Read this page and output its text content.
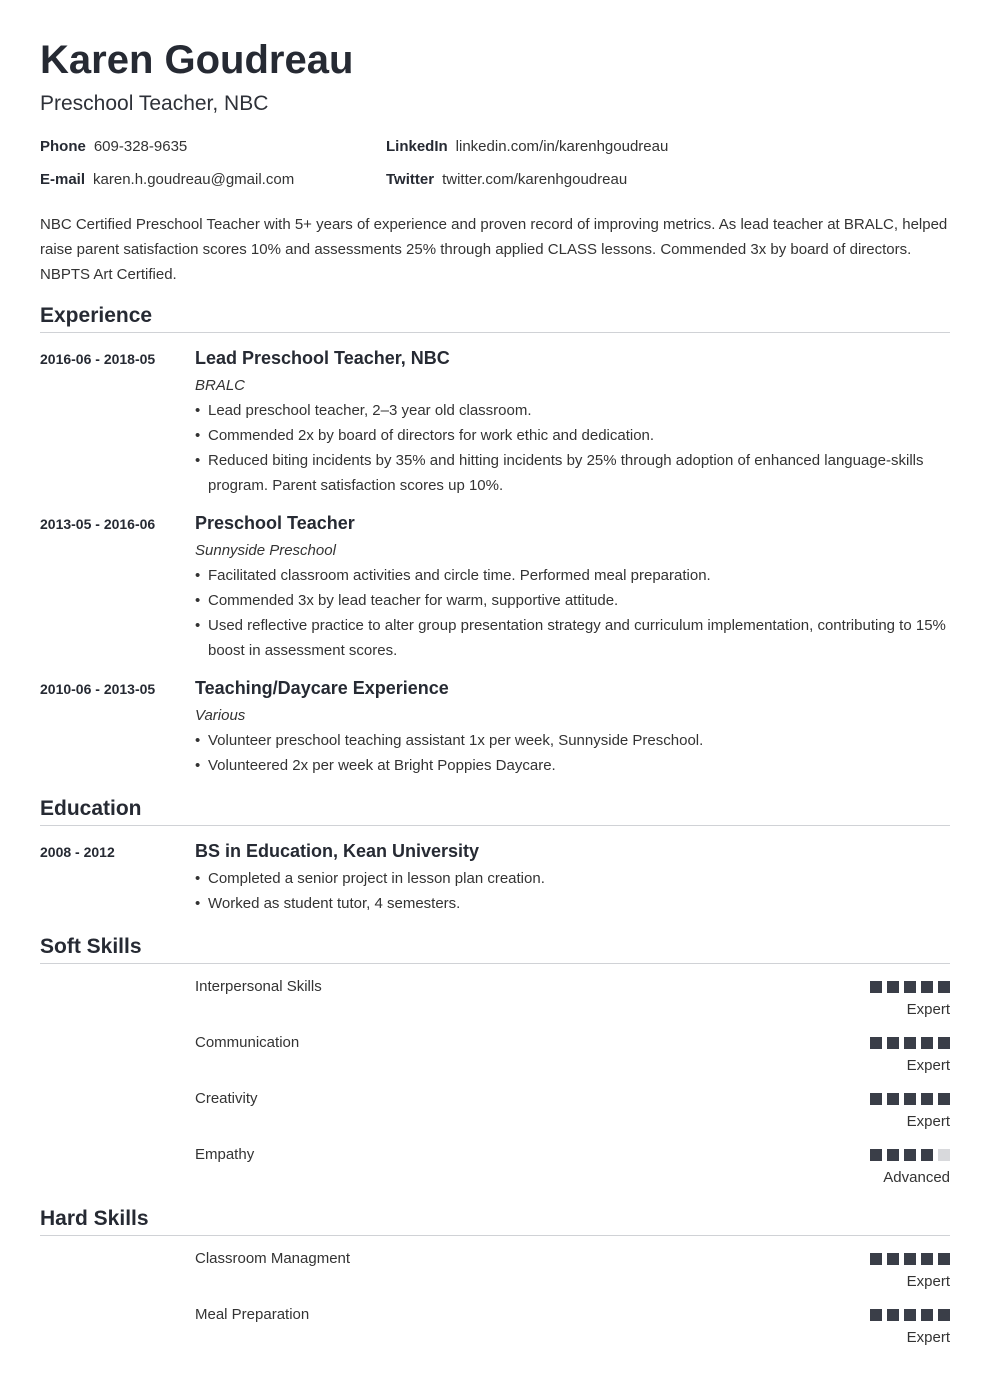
Karen Goudreau
Preschool Teacher, NBC
Phone 609-328-9635	LinkedIn linkedin.com/in/karenhgoudreau
E-mail karen.h.goudreau@gmail.com	Twitter twitter.com/karenhgoudreau
NBC Certified Preschool Teacher with 5+ years of experience and proven record of improving metrics. As lead teacher at BRALC, helped raise parent satisfaction scores 10% and assessments 25% through applied CLASS lessons. Commended 3x by board of directors. NBPTS Art Certified.
Experience
2016-06 - 2018-05 Lead Preschool Teacher, NBC
BRALC
• Lead preschool teacher, 2–3 year old classroom.
• Commended 2x by board of directors for work ethic and dedication.
• Reduced biting incidents by 35% and hitting incidents by 25% through adoption of enhanced language-skills program. Parent satisfaction scores up 10%.
2013-05 - 2016-06 Preschool Teacher
Sunnyside Preschool
• Facilitated classroom activities and circle time. Performed meal preparation.
• Commended 3x by lead teacher for warm, supportive attitude.
• Used reflective practice to alter group presentation strategy and curriculum implementation, contributing to 15% boost in assessment scores.
2010-06 - 2013-05 Teaching/Daycare Experience
Various
• Volunteer preschool teaching assistant 1x per week, Sunnyside Preschool.
• Volunteered 2x per week at Bright Poppies Daycare.
Education
2008 - 2012	BS in Education, Kean University
• Completed a senior project in lesson plan creation.
• Worked as student tutor, 4 semesters.
Soft Skills
Interpersonal Skills
Expert
Communication
Expert
Creativity
Expert
Empathy
Advanced
Hard Skills
Classroom Managment
Expert
Meal Preparation
Expert
